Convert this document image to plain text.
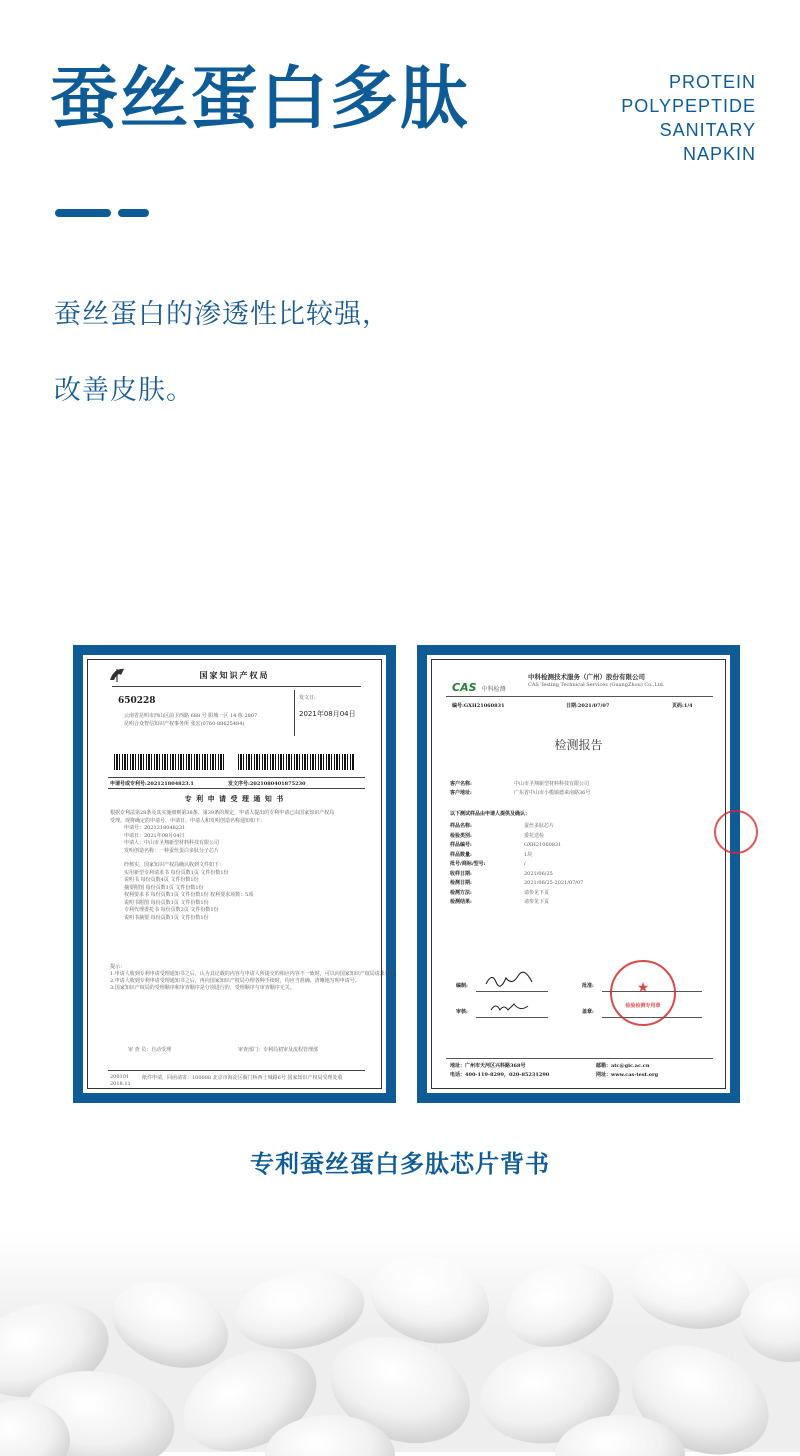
蚕丝蛋白多肽	PROTEIN
POLYPEPTIDE
SANITARY
NAPKIN
蚕丝蛋白的渗透性比较强，
改善皮肤。
国家知识产权局
650228
云南省昆明市西山区前卫西路 688 号 阳城一区 14 栋 2807
昆明合众智信知识产权事务所 张宏(0760-88625484)
发文日:
2021年08月04日
申请号或专利号:202121804823.1	发文序号:2021080401875230
专 利 申 请 受 理 通 知 书
根据专利法第28条及其实施细则第38条、第39条的规定，申请人提出的专利申请已由国家知识产权局
受理。现将确定的申请号、申请日、申请人和发明创造名称通知如下：
申请号：2021218048231
申请日：2021年08月04日
申请人：中山市圣翔新型材料科技有限公司
发明创造名称：一种蚕丝蛋白多肽分子芯片
经核实，国家知识产权局确认收到文件如下：
实用新型专利请求书 每份页数1页 文件份数1份
说明书 每份页数4页 文件份数1份
摘要附图 每份页数1页 文件份数1份
权利要求书 每份页数1页 文件份数1份 权利要求项数：5项
说明书附图 每份页数1页 文件份数1份
专利代理委托书 每份页数2页 文件份数1份
说明书摘要 每份页数1页 文件份数1份
提示：
1.申请人收到专利申请受理通知书之后，认为其记载的内容与申请人所提交的相应内容不一致时，可以向国家知识产权局请求更正。
2.申请人收到专利申请受理通知书之后，再向国家知识产权局办理各种手续时，均应当准确、清晰地写明申请号。
3.国家知识产权局的受理顺序和审查顺序是分别进行的，受理顺序与审查顺序无关。
审 查 员：自动受理	审查部门：专利局初审及流程管理部
200101
2018.11
纸件申请，回函请寄：100088 北京市海淀区蓟门桥西土城路6号 国家知识产权局受理处收
CAS 中科检测
中科检测技术服务（广州）股份有限公司
CAS Testing Technical Services (GuangZhou) Co.,Ltd.
编号:GXH21060831	日期:2021/07/07	页码:1/4
检测报告
客户名称:	中山市圣翔新型材料科技有限公司
客户地址:	广东省中山市小榄镇德来南路36号
以下测试样品由申请人提供及确认：
样品名称:	蚕丝多肽芯片
检验类别:	委托送检
样品编号:	GXH21060831
样品数量:	1块
批号/商标/型号:	/
收样日期:	2021/06/25
检测日期:	2021/06/25-2021/07/07
检测方法:	请参见下页
检测结果:	请参见下页
编制:	批准:
审核:	盖章:
★
检验检测专用章
地址：广州市天河区兴科路368号	邮箱：atc@gic.ac.cn
电话：400-119-8299，020-85231290	网址：www.cas-test.org
专利蚕丝蛋白多肽芯片背书
